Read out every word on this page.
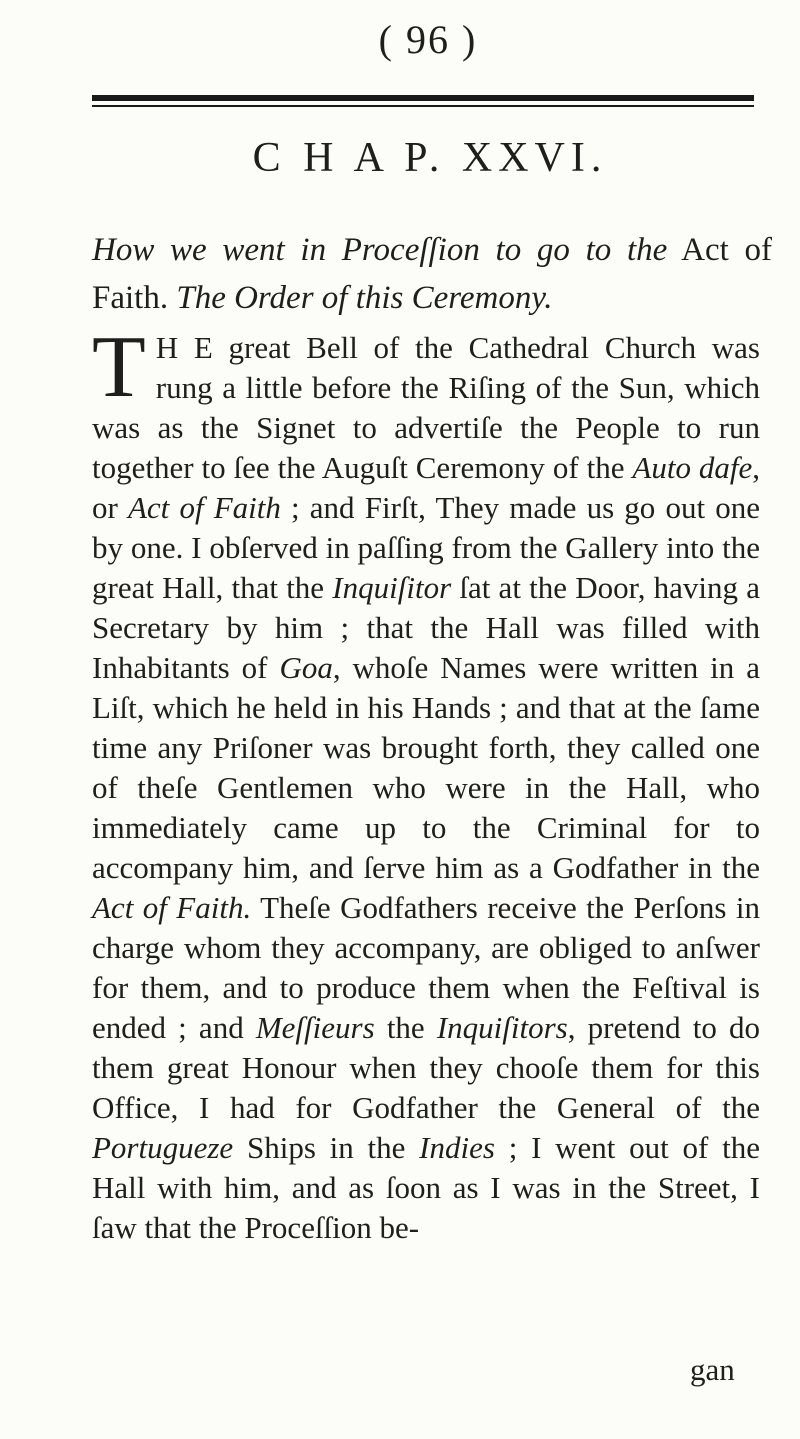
( 96 )
C H A P. XXVI.

How we went in Proceſſion to go to the Act of Faith. The Order of this Ceremony.

T H E great Bell of the Cathedral Church was rung a little before the Riſing of the Sun, which was as the Signet to advertiſe the People to run together to ſee the Auguſt Ceremony of the Auto dafe, or Act of Faith ; and Firſt, They made us go out one by one. I obſerved in paſſing from the Gallery into the great Hall, that the Inquiſitor ſat at the Door, having a Secretary by him ; that the Hall was filled with Inhabitants of Goa, whoſe Names were written in a Liſt, which he held in his Hands ; and that at the ſame time any Priſoner was brought forth, they called one of theſe Gentlemen who were in the Hall, who immediately came up to the Criminal for to accompany him, and ſerve him as a Godfather in the Act of Faith. Theſe Godfathers receive the Perſons in charge whom they accompany, are obliged to anſwer for them, and to produce them when the Feſtival is ended ; and Meſſieurs the Inquiſitors, pretend to do them great Honour when they chooſe them for this Office, I had for Godfather the General of the Portugueze Ships in the Indies ; I went out of the Hall with him, and as ſoon as I was in the Street, I ſaw that the Proceſſion be-

gan
